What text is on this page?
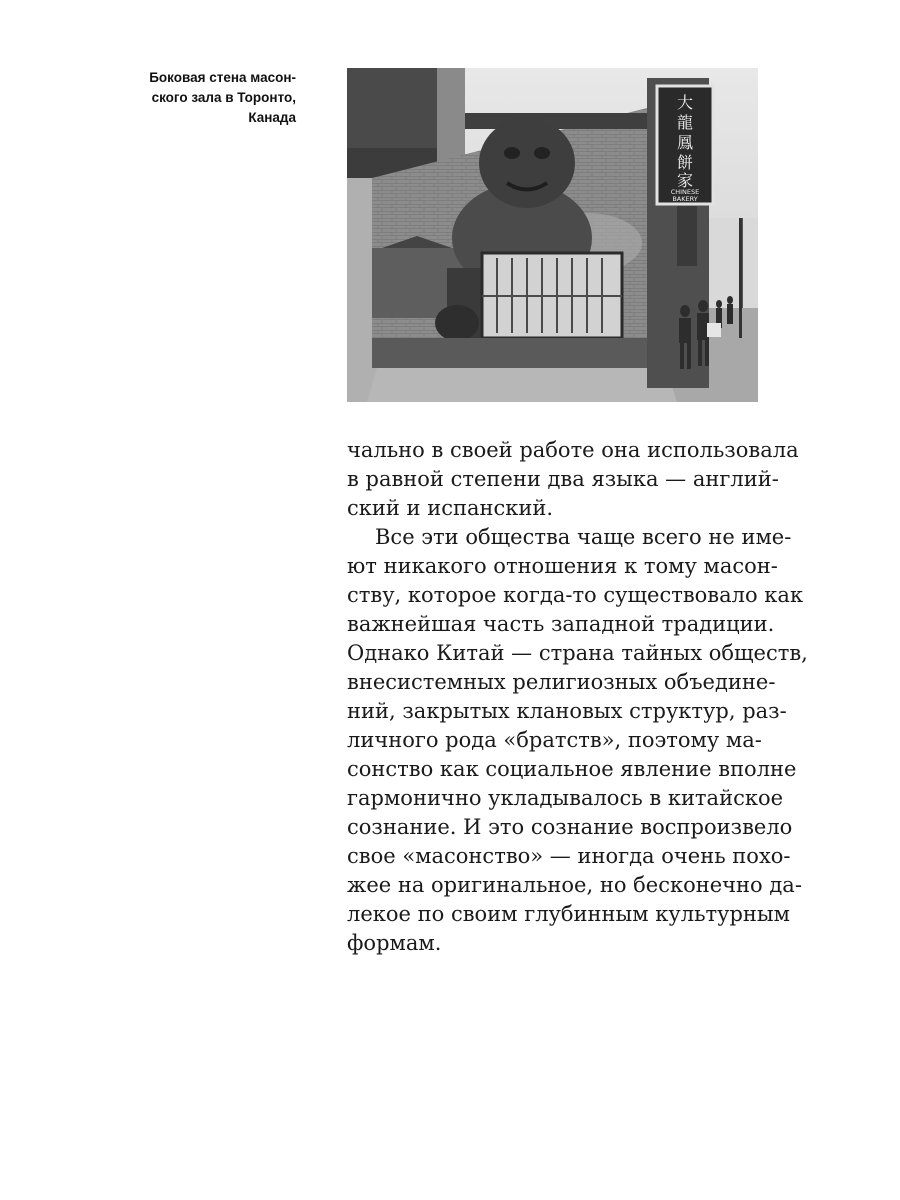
Боковая стена масон-
ского зала в Торонто,
Канада
大
龍
鳳
餅
家
CHINESE
BAKERY
чально в своей работе она использовала
в равной степени два языка — англий-
ский и испанский.
Все эти общества чаще всего не име-
ют никакого отношения к тому масон-
ству, которое когда-то существовало как
важнейшая часть западной традиции.
Однако Китай — страна тайных обществ,
внесистемных религиозных объедине-
ний, закрытых клановых структур, раз-
личного рода «братств», поэтому ма-
сонство как социальное явление вполне
гармонично укладывалось в китайское
сознание. И это сознание воспроизвело
свое «масонство» — иногда очень похо-
жее на оригинальное, но бесконечно да-
лекое по своим глубинным культурным
формам.
